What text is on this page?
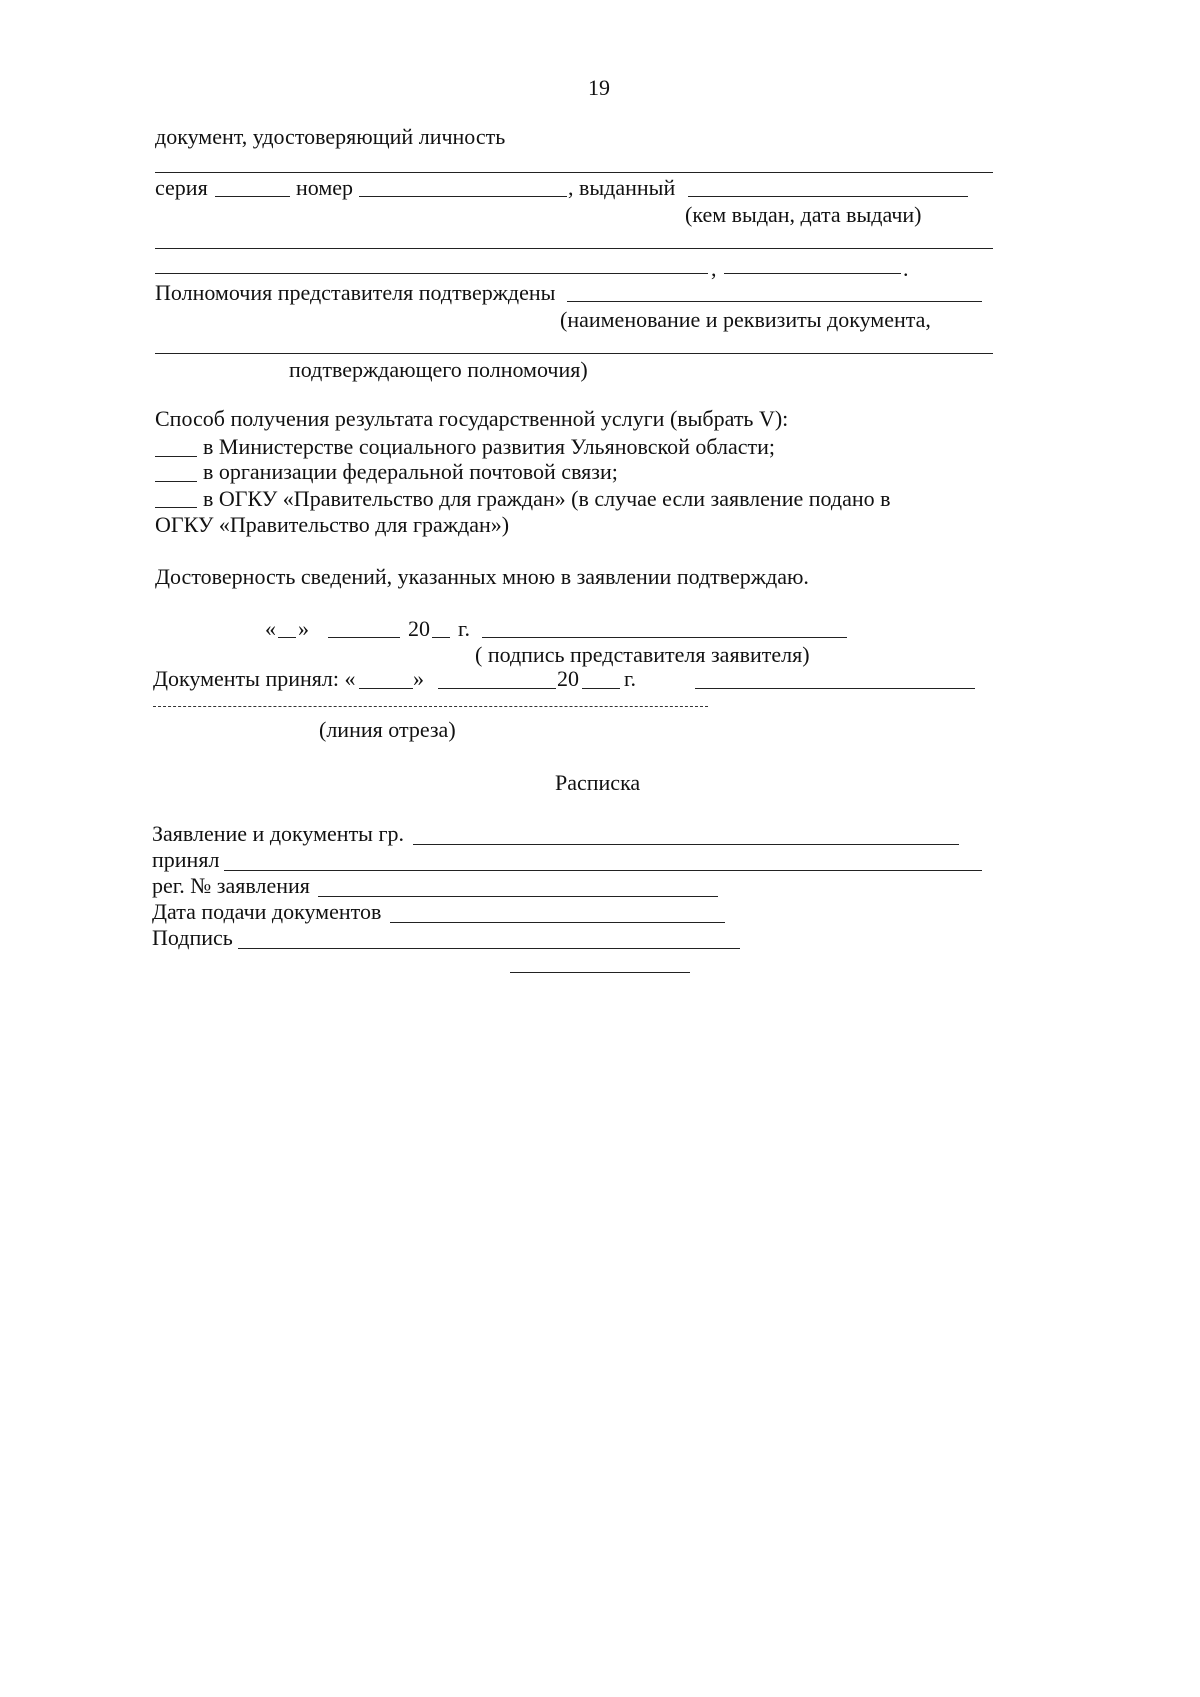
19
документ, удостоверяющий личность
серия	номер	, выданный
(кем выдан, дата выдачи)
,	.
Полномочия представителя подтверждены
(наименование и реквизиты документа,
подтверждающего полномочия)
Способ получения результата государственной услуги (выбрать V):
в Министерстве социального развития Ульяновской области;
в организации федеральной почтовой связи;
в ОГКУ «Правительство для граждан» (в случае если заявление подано в
ОГКУ «Правительство для граждан»)
Достоверность сведений, указанных мною в заявлении подтверждаю.
« »	20 г.
( подпись представителя заявителя)
Документы принял: «	»	20 г.
(линия отреза)
Расписка
Заявление и документы гр.
принял
рег. № заявления
Дата подачи документов
Подпись
